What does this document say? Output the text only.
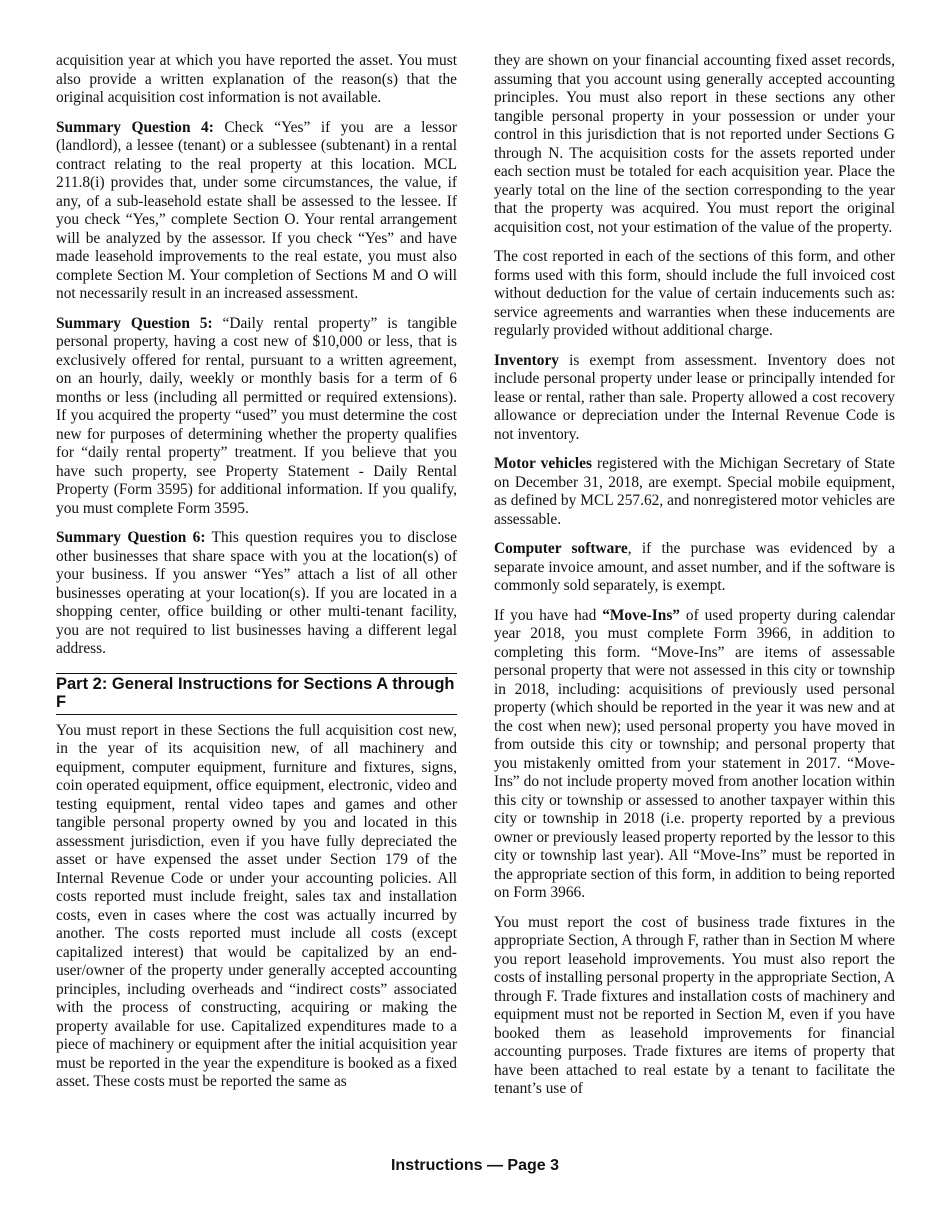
acquisition year at which you have reported the asset. You must also provide a written explanation of the reason(s) that the original acquisition cost information is not available.

Summary Question 4: Check “Yes” if you are a lessor (landlord), a lessee (tenant) or a sublessee (subtenant) in a rental contract relating to the real property at this location. MCL 211.8(i) provides that, under some circumstances, the value, if any, of a sub-leasehold estate shall be assessed to the lessee. If you check “Yes,” complete Section O. Your rental arrangement will be analyzed by the assessor. If you check “Yes” and have made leasehold improvements to the real estate, you must also complete Section M. Your completion of Sections M and O will not necessarily result in an increased assessment.

Summary Question 5: “Daily rental property” is tangible personal property, having a cost new of $10,000 or less, that is exclusively offered for rental, pursuant to a written agreement, on an hourly, daily, weekly or monthly basis for a term of 6 months or less (including all permitted or required extensions). If you acquired the property “used” you must determine the cost new for purposes of determining whether the property qualifies for “daily rental property” treatment. If you believe that you have such property, see Property Statement - Daily Rental Property (Form 3595) for additional information. If you qualify, you must complete Form 3595.

Summary Question 6: This question requires you to disclose other businesses that share space with you at the location(s) of your business. If you answer “Yes” attach a list of all other businesses operating at your location(s). If you are located in a shopping center, office building or other multi-tenant facility, you are not required to list businesses having a different legal address.

Part 2: General Instructions for Sections A through F

You must report in these Sections the full acquisition cost new, in the year of its acquisition new, of all machinery and equipment, computer equipment, furniture and fixtures, signs, coin operated equipment, office equipment, electronic, video and testing equipment, rental video tapes and games and other tangible personal property owned by you and located in this assessment jurisdiction, even if you have fully depreciated the asset or have expensed the asset under Section 179 of the Internal Revenue Code or under your accounting policies. All costs reported must include freight, sales tax and installation costs, even in cases where the cost was actually incurred by another. The costs reported must include all costs (except capitalized interest) that would be capitalized by an end-user/owner of the property under generally accepted accounting principles, including overheads and “indirect costs” associated with the process of constructing, acquiring or making the property available for use. Capitalized expenditures made to a piece of machinery or equipment after the initial acquisition year must be reported in the year the expenditure is booked as a fixed asset. These costs must be reported the same as

they are shown on your financial accounting fixed asset records, assuming that you account using generally accepted accounting principles. You must also report in these sections any other tangible personal property in your possession or under your control in this jurisdiction that is not reported under Sections G through N. The acquisition costs for the assets reported under each section must be totaled for each acquisition year. Place the yearly total on the line of the section corresponding to the year that the property was acquired. You must report the original acquisition cost, not your estimation of the value of the property.

The cost reported in each of the sections of this form, and other forms used with this form, should include the full invoiced cost without deduction for the value of certain inducements such as: service agreements and warranties when these inducements are regularly provided without additional charge.

Inventory is exempt from assessment. Inventory does not include personal property under lease or principally intended for lease or rental, rather than sale. Property allowed a cost recovery allowance or depreciation under the Internal Revenue Code is not inventory.

Motor vehicles registered with the Michigan Secretary of State on December 31, 2018, are exempt. Special mobile equipment, as defined by MCL 257.62, and nonregistered motor vehicles are assessable.

Computer software, if the purchase was evidenced by a separate invoice amount, and asset number, and if the software is commonly sold separately, is exempt.

If you have had “Move-Ins” of used property during calendar year 2018, you must complete Form 3966, in addition to completing this form. “Move-Ins” are items of assessable personal property that were not assessed in this city or township in 2018, including: acquisitions of previously used personal property (which should be reported in the year it was new and at the cost when new); used personal property you have moved in from outside this city or township; and personal property that you mistakenly omitted from your statement in 2017. “Move-Ins” do not include property moved from another location within this city or township or assessed to another taxpayer within this city or township in 2018 (i.e. property reported by a previous owner or previously leased property reported by the lessor to this city or township last year). All “Move-Ins” must be reported in the appropriate section of this form, in addition to being reported on Form 3966.

You must report the cost of business trade fixtures in the appropriate Section, A through F, rather than in Section M where you report leasehold improvements. You must also report the costs of installing personal property in the appropriate Section, A through F. Trade fixtures and installation costs of machinery and equipment must not be reported in Section M, even if you have booked them as leasehold improvements for financial accounting purposes. Trade fixtures are items of property that have been attached to real estate by a tenant to facilitate the tenant’s use of

Instructions — Page 3
